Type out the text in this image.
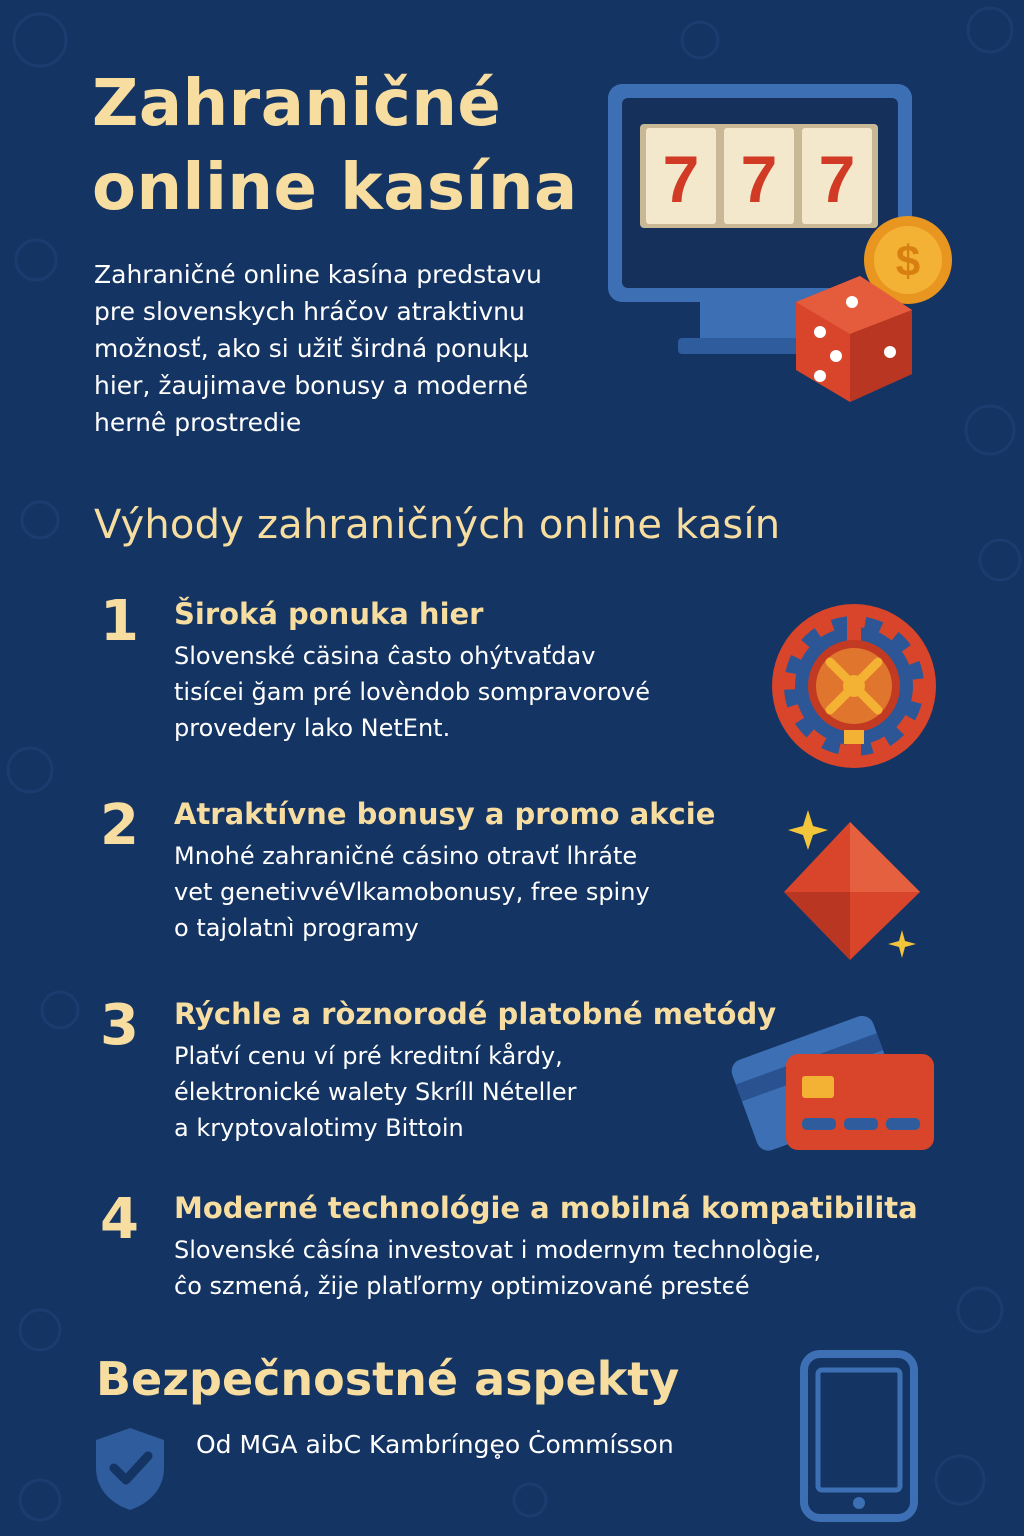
Zahraničné
online kasína

Zahraničné online kasína predstavu
pre slovenskych hráčov atraktivnu
možnosť, ako si užiť širdná ponukµ
hier, žaujimave bonusy a moderné
hernê prostredie

7 7 7
$
Výhody zahraničných online kasín
1 Široká ponuka hier

Slovenské cäsina ĉasto ohýtvaťdav
tisícei ğam pré lovèndob sompravorové
provedery lako NetEnt.

2 Atraktívne bonusy a promo akcie

Mnohé zahraničné cásino otravť lhráte
vet genetivvéVlkamobonusy, free spiny
o tajolatnì programy

3 Rýchle a ròznorodé platobné metódy

Plaťví cenu ví pré kreditní kårdy,
élektronické walety Skríll Nételler
a kryptovalotimy Bittoin

4 Moderné technológie a mobilná kompatibilita

Slovenské câsína investovat i modernym technològie,
ĉo szmená, žije platľormy optimizované prestєé

Bezpečnostné aspekty

Od MGA aibC Kambrínge̥o Ċommísson
